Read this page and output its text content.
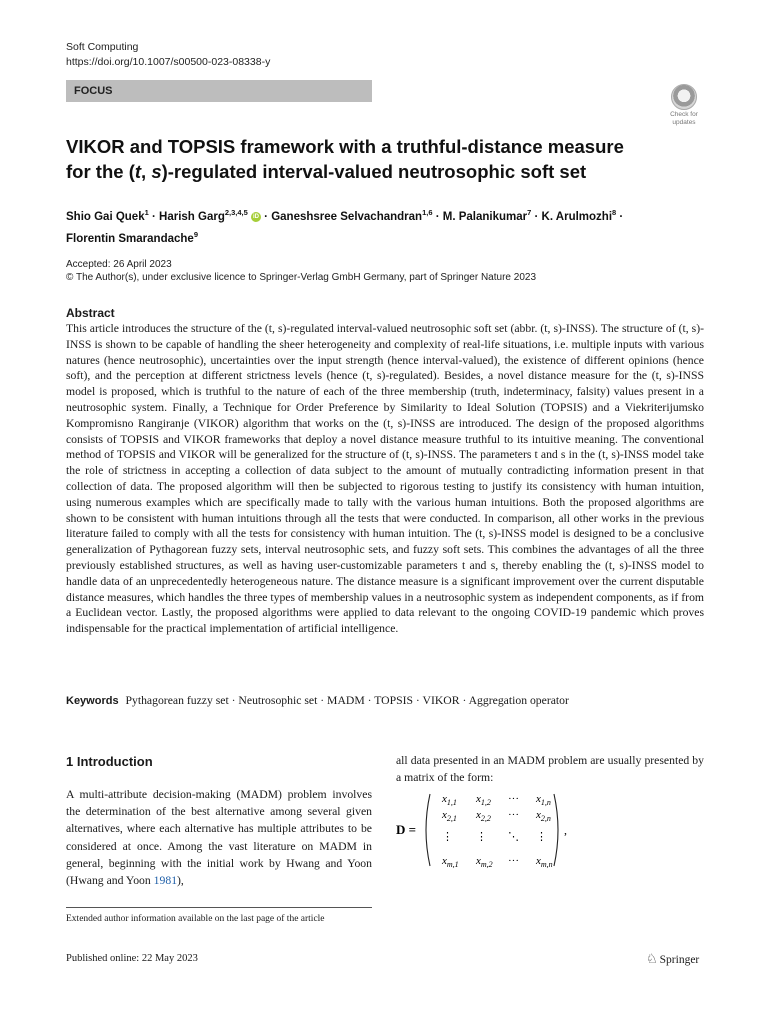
Soft Computing
https://doi.org/10.1007/s00500-023-08338-y
FOCUS
Check for
updates
VIKOR and TOPSIS framework with a truthful-distance measure
for the (t, s)-regulated interval-valued neutrosophic soft set
Shio Gai Quek$^1$ · Harish Garg$^{2,3,4,5}$ iD · Ganeshsree Selvachandran$^{1,6}$ · M. Palanikumar$^7$ · K. Arulmozhi$^8$ ·
Florentin Smarandache$^9$
Accepted: 26 April 2023
© The Author(s), under exclusive licence to Springer-Verlag GmbH Germany, part of Springer Nature 2023
Abstract
This article introduces the structure of the (t, s)-regulated interval-valued neutrosophic soft set (abbr. (t, s)-INSS). The structure of (t, s)-INSS is shown to be capable of handling the sheer heterogeneity and complexity of real-life situations, i.e. multiple inputs with various natures (hence neutrosophic), uncertainties over the input strength (hence interval-valued), the existence of different opinions (hence soft), and the perception at different strictness levels (hence (t, s)-regulated). Besides, a novel distance measure for the (t, s)-INSS model is proposed, which is truthful to the nature of each of the three membership (truth, indeterminacy, falsity) values present in a neutrosophic system. Finally, a Technique for Order Preference by Similarity to Ideal Solution (TOPSIS) and a Viekriterijumsko Kompromisno Rangiranje (VIKOR) algorithm that works on the (t, s)-INSS are introduced. The design of the proposed algorithms consists of TOPSIS and VIKOR frameworks that deploy a novel distance measure truthful to its intuitive meaning. The conventional method of TOPSIS and VIKOR will be generalized for the structure of (t, s)-INSS. The parameters t and s in the (t, s)-INSS model take the role of strictness in accepting a collection of data subject to the amount of mutually contradicting information present in that collection of data. The proposed algorithm will then be subjected to rigorous testing to justify its consistency with human intuition, using numerous examples which are specifically made to tally with the various human intuitions. Both the proposed algorithms are shown to be consistent with human intuitions through all the tests that were conducted. In comparison, all other works in the previous literature failed to comply with all the tests for consistency with human intuition. The (t, s)-INSS model is designed to be a conclusive generalization of Pythagorean fuzzy sets, interval neutrosophic sets, and fuzzy soft sets. This combines the advantages of all the three previously established structures, as well as having user-customizable parameters t and s, thereby enabling the (t, s)-INSS model to handle data of an unprecedentedly heterogeneous nature. The distance measure is a significant improvement over the current disputable distance measures, which handles the three types of membership values in a neutrosophic system as independent components, as if from a Euclidean vector. Lastly, the proposed algorithms were applied to data relevant to the ongoing COVID-19 pandemic which proves indispensable for the practical implementation of artificial intelligence.
Keywords Pythagorean fuzzy set · Neutrosophic set · MADM · TOPSIS · VIKOR · Aggregation operator
1 Introduction
A multi-attribute decision-making (MADM) problem involves the determination of the best alternative among several given alternatives, where each alternative has multiple attributes to be considered at once. Among the vast literature on MADM in general, beginning with the initial work by Hwang and Yoon (Hwang and Yoon 1981),
Extended author information available on the last page of the article
all data presented in an MADM problem are usually presented by a matrix of the form:
D =
$x_{1,1}$ $x_{1,2}$ ··· $x_{1,n}$
$x_{2,1}$ $x_{2,2}$ ··· $x_{2,n}$
⋮ ⋮ ⋱ ⋮
$x_{m,1}$ $x_{m,2}$ ··· $x_{m,n}$
,
Published online: 22 May 2023	♘ Springer
